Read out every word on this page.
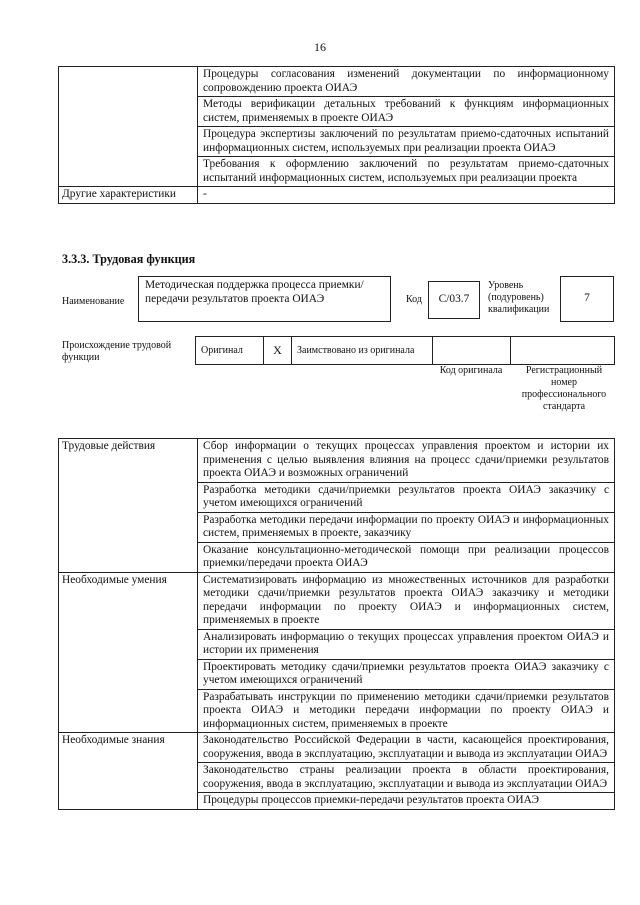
16
	Процедуры согласования изменений документации по информационному сопровождению проекта ОИАЭ
	Методы верификации детальных требований к функциям информационных систем, применяемых в проекте ОИАЭ
	Процедура экспертизы заключений по результатам приемо-сдаточных испытаний информационных систем, используемых при реализации проекта ОИАЭ
	Требования к оформлению заключений по результатам приемо-сдаточных испытаний информационных систем, используемых при реализации проекта
Другие характеристики	-
3.3.3. Трудовая функция
Наименование
Методическая поддержка процесса приемки/передачи результатов проекта ОИАЭ	Код С/03.7
Уровень (подуровень) квалификации
7
Происхождение трудовой функции
Оригинал	X	Заимствовано из оригинала		
Код оригинала	Регистрационный номер профессионального стандарта
Трудовые действия	Сбор информации о текущих процессах управления проектом и истории их применения с целью выявления влияния на процесс сдачи/приемки результатов проекта ОИАЭ и возможных ограничений
	Разработка методики сдачи/приемки результатов проекта ОИАЭ заказчику с учетом имеющихся ограничений
	Разработка методики передачи информации по проекту ОИАЭ и информационных систем, применяемых в проекте, заказчику
	Оказание консультационно-методической помощи при реализации процессов приемки/передачи проекта ОИАЭ
Необходимые умения	Систематизировать информацию из множественных источников для разработки методики сдачи/приемки результатов проекта ОИАЭ заказчику и методики передачи информации по проекту ОИАЭ и информационных систем, применяемых в проекте
	Анализировать информацию о текущих процессах управления проектом ОИАЭ и истории их применения
	Проектировать методику сдачи/приемки результатов проекта ОИАЭ заказчику с учетом имеющихся ограничений
	Разрабатывать инструкции по применению методики сдачи/приемки результатов проекта ОИАЭ и методики передачи информации по проекту ОИАЭ и информационных систем, применяемых в проекте
Необходимые знания	Законодательство Российской Федерации в части, касающейся проектирования, сооружения, ввода в эксплуатацию, эксплуатации и вывода из эксплуатации ОИАЭ
	Законодательство страны реализации проекта в области проектирования, сооружения, ввода в эксплуатацию, эксплуатации и вывода из эксплуатации ОИАЭ
	Процедуры процессов приемки-передачи результатов проекта ОИАЭ
